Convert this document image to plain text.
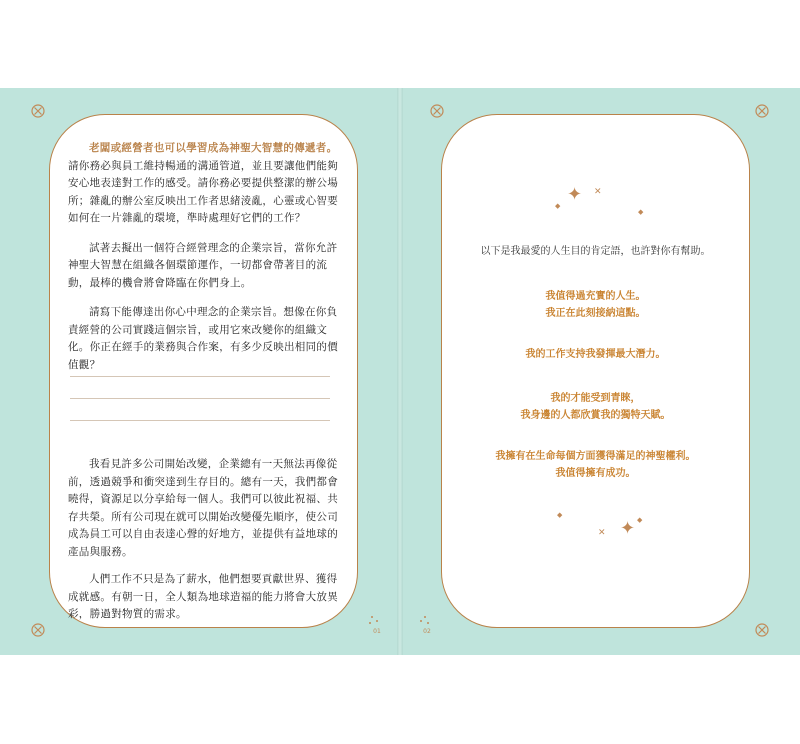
老闆或經營者也可以學習成為神聖大智慧的傳遞者。請你務必與員工維持暢通的溝通管道，並且要讓他們能夠安心地表達對工作的感受。請你務必要提供整潔的辦公場所；雜亂的辦公室反映出工作者思緒淩亂，心靈或心智要如何在一片雜亂的環境，準時處理好它們的工作？

試著去擬出一個符合經營理念的企業宗旨，當你允許神聖大智慧在組織各個環節運作，一切都會帶著目的流動，最棒的機會將會降臨在你們身上。

請寫下能傳達出你心中理念的企業宗旨。想像在你負責經營的公司實踐這個宗旨，或用它來改變你的組織文化。你正在經手的業務與合作案，有多少反映出相同的價值觀？

我看見許多公司開始改變，企業總有一天無法再像從前，透過競爭和衝突達到生存目的。總有一天，我們都會曉得，資源足以分享給每一個人。我們可以彼此祝福、共存共榮。所有公司現在就可以開始改變優先順序，使公司成為員工可以自由表達心聲的好地方，並提供有益地球的產品與服務。

人們工作不只是為了薪水，他們想要貢獻世界、獲得成就感。有朝一日，全人類為地球造福的能力將會大放異彩，勝過對物質的需求。

01
✦ ✕
◆
◆
以下是我最愛的人生目的肯定語，也許對你有幫助。
我值得過充實的人生。
我正在此刻接納這點。
我的工作支持我發揮最大潛力。
我的才能受到青睞，
我身邊的人都欣賞我的獨特天賦。
我擁有在生命每個方面獲得滿足的神聖權利。
我值得擁有成功。
◆
◆
✕ ✦
02
